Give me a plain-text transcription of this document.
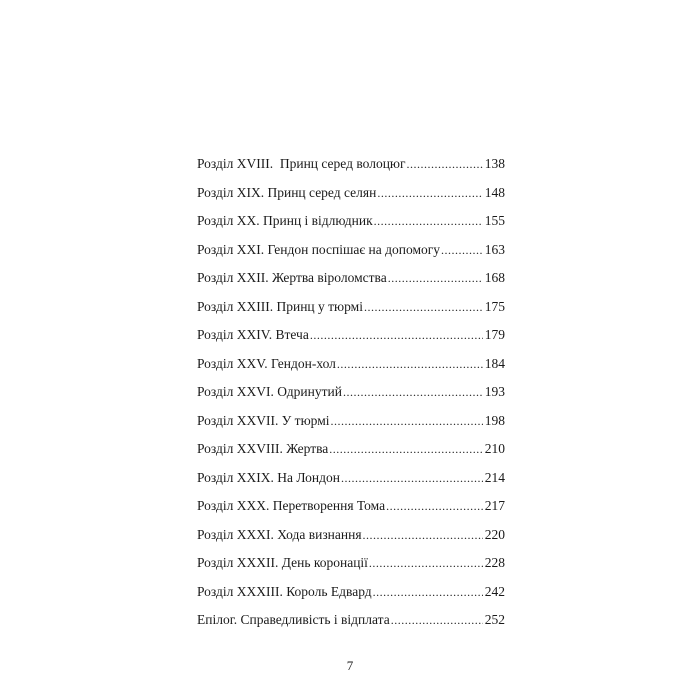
Розділ XVIII.  Принц серед волоцюг .....	138
Розділ XIX. Принц серед селян .....	148
Розділ XX. Принц і відлюдник .....	155
Розділ XXI. Гендон поспішає на допомогу .....	163
Розділ XXII. Жертва віроломства .....	168
Розділ XXIII. Принц у тюрмі .....	175
Розділ XXIV. Втеча .....	179
Розділ XXV. Гендон-хол .....	184
Розділ XXVI. Одринутий .....	193
Розділ XXVII. У тюрмі .....	198
Розділ XXVIII. Жертва .....	210
Розділ XXIX. На Лондон .....	214
Розділ XXX. Перетворення Тома .....	217
Розділ XXXI. Хода визнання .....	220
Розділ XXXII. День коронації .....	228
Розділ XXXIII. Король Едвард .....	242
Епілог. Справедливість і відплата .....	252
7
